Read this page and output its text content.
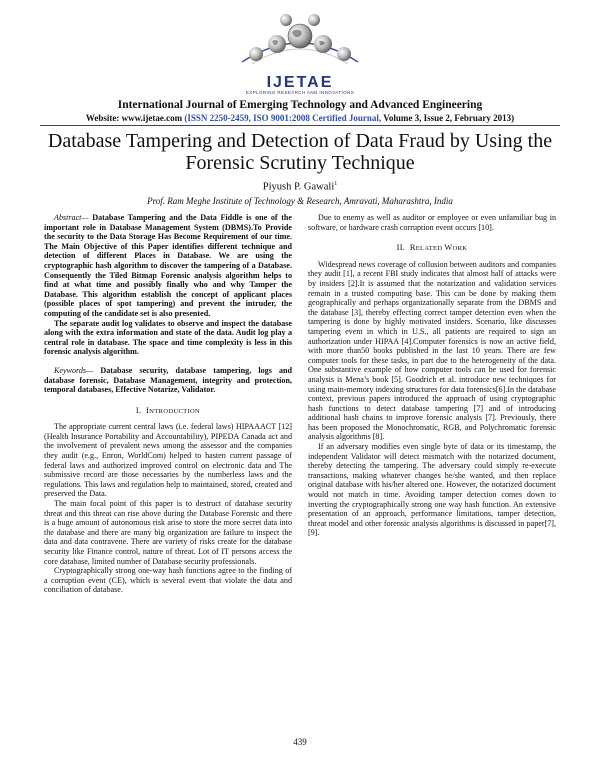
IJETAE
EXPLORING RESEARCH AND INNOVATIONS
International Journal of Emerging Technology and Advanced Engineering
Website: www.ijetae.com (ISSN 2250-2459, ISO 9001:2008 Certified Journal, Volume 3, Issue 2, February 2013)
Database Tampering and Detection of Data Fraud by Using the Forensic Scrutiny Technique
Piyush P. Gawali$^1$
Prof. Ram Meghe Institute of Technology & Research, Amravati, Maharashtra, India

Abstract— Database Tampering and the Data Fiddle is one of the important role in Database Management System (DBMS).To Provide the security to the Data Storage Has Become Requirement of our time. The Main Objective of this Paper identifies different technique and detection of different Places in Database. We are using the cryptographic hash algorithm to discover the tampering of a Database. Consequently the Tiled Bitmap Forensic analysis algorithm helps to find at what time and possibly finally who and why Tamper the Database. This algorithm establish the concept of applicant places (possible places of spot tampering) and prevent the intruder, the computing of the candidate set is also presented.

The separate audit log validates to observe and inspect the database along with the extra information and state of the data. Audit log play a central role in database. The space and time complexity is less in this forensic analysis algorithm.

Keywords— Database security, database tampering, logs and database forensic, Database Management, integrity and protection, temporal databases, Effective Notarize, Validator.

I. INTRODUCTION

The appropriate current central laws (i.e. federal laws) HIPAAACT [12] (Health Insurance Portability and Accountability), PIPEDA Canada act and the involvement of prevalent news among the assessor and the companies they audit (e.g., Enron, WorldCom) helped to hasten current passage of federal laws and authorized improved control on electronic data and The submissive record are those necessaries by the numberless laws and the regulations. This laws and regulation help to maintained, stored, created and preserved the Data.

The main focal point of this paper is to destruct of database security threat and this threat can rise above during the Database Forensic and there is a huge amount of autonomous risk arise to store the more secret data into the database and there are many big organization are failure to inspect the data and data contravene. There are variety of risks create for the database security like Finance control, nature of threat. Lot of IT persons access the core database, limited number of Database security professionals.

Cryptographically strong one-way hash functions agree to the finding of a corruption event (CE), which is several event that violate the data and conciliation of database.

Due to enemy as well as auditor or employee or even unfamiliar bug in software, or hardware crash corruption event occurs [10].

II. RELATED WORK

Widespread news coverage of collusion between auditors and companies they audit [1], a recent FBI study indicates that almost half of attacks were by insiders [2].It is assumed that the notarization and validation services remain in a trusted computing base. This can be done by making them geographically and perhaps organizationally separate from the DBMS and the database [3], thereby effecting correct tamper detection even when the tampering is done by highly motivated insiders. Scenario, like discusses tampering event in which in U.S., all patients are required to sign an authorization under HIPAA [4].Computer forensics is now an active field, with more than50 books published in the last 10 years. There are few computer tools for these tasks, in part due to the heterogeneity of the data. One substantive example of how computer tools can be used for forensic analysis is Mena’s book [5]. Goodrich et al. introduce new techniques for using main-memory indexing structures for data forensics[6].In the database context, previous papers introduced the approach of using cryptographic hash functions to detect database tampering [7] and of introducing additional hash chains to improve forensic analysis [7]. Previously, there has been proposed the Monochromatic, RGB, and Polychromatic forensic analysis algorithms [8].

If an adversary modifies even single byte of data or its timestamp, the independent Validator will detect mismatch with the notarized document, thereby detecting the tampering. The adversary could simply re-execute transactions, making whatever changes he/she wanted, and then replace original database with his/her altered one. However, the notarized document would not match in time. Avoiding tamper detection comes down to inverting the cryptographically strong one way hash function. An extensive presentation of an approach, performance limitations, tamper detection, threat model and other forensic analysis algorithms is discussed in paper[7],[9].

439
